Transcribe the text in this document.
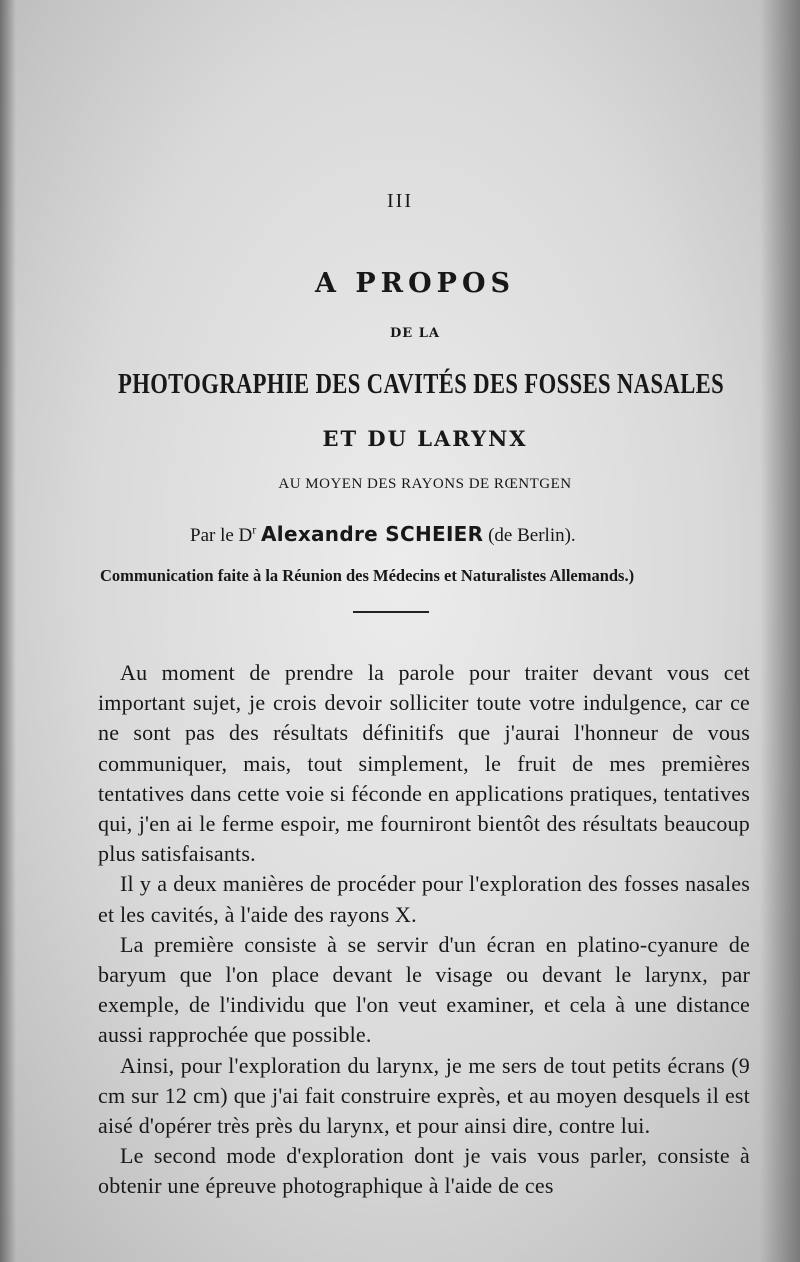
III
A PROPOS
DE LA
PHOTOGRAPHIE DES CAVITÉS DES FOSSES NASALES
ET DU LARYNX
AU MOYEN DES RAYONS DE RŒNTGEN
Par le $D^r$ Alexandre SCHEIER (de Berlin).
Communication faite à la Réunion des Médecins et Naturalistes Allemands.)

Au moment de prendre la parole pour traiter devant vous cet important sujet, je crois devoir solliciter toute votre indulgence, car ce ne sont pas des résultats définitifs que j'aurai l'honneur de vous communiquer, mais, tout simplement, le fruit de mes premières tentatives dans cette voie si féconde en applications pratiques, tentatives qui, j'en ai le ferme espoir, me fourniront bientôt des résultats beaucoup plus satisfaisants.

Il y a deux manières de procéder pour l'exploration des fosses nasales et les cavités, à l'aide des rayons X.

La première consiste à se servir d'un écran en platino-cyanure de baryum que l'on place devant le visage ou devant le larynx, par exemple, de l'individu que l'on veut examiner, et cela à une distance aussi rapprochée que possible.

Ainsi, pour l'exploration du larynx, je me sers de tout petits écrans (9 cm sur 12 cm) que j'ai fait construire exprès, et au moyen desquels il est aisé d'opérer très près du larynx, et pour ainsi dire, contre lui.

Le second mode d'exploration dont je vais vous parler, consiste à obtenir une épreuve photographique à l'aide de ces
